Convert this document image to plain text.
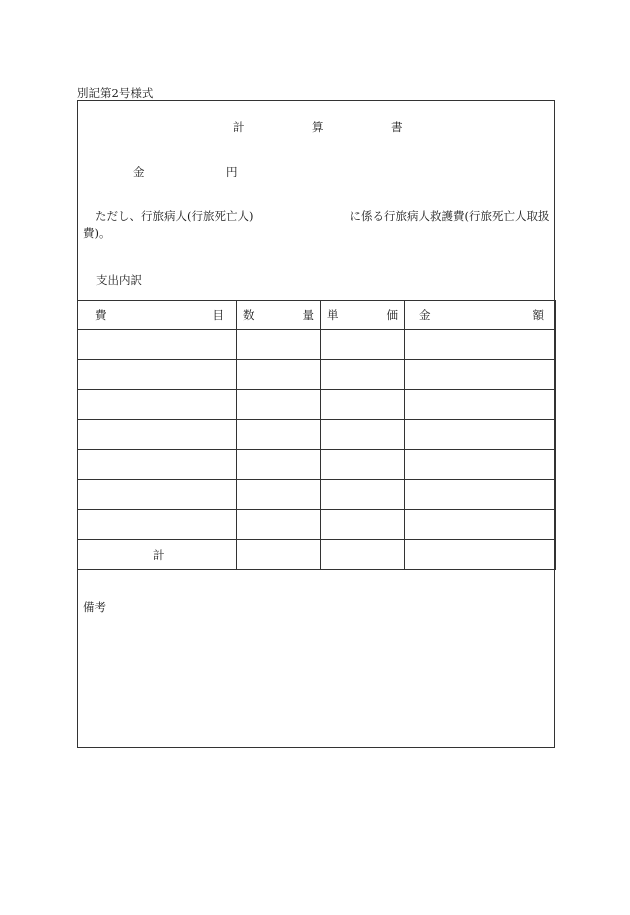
別記第2号様式
計	算	書
金	円
ただし、行旅病人(行旅死亡人)	に係る行旅病人救護費(行旅死亡人取扱費)。
支出内訳
費 目	数 量	単 価	金 額

計			
備考
